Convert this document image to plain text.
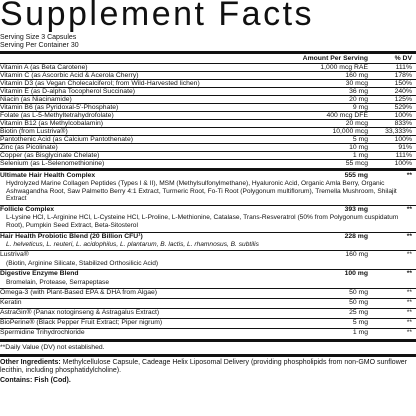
Supplement Facts
Serving Size 3 Capsules
Serving Per Container 30
Amount Per Serving	% DV
Vitamin A (as Beta Carotene)	1,000 mcg RAE	111%
Vitamin C (as Ascorbic Acid & Acerola Cherry)	160 mg	178%
Vitamin D3 (as Vegan Cholecalciferol; from Wild-Harvested lichen)	30 mcg	150%
Vitamin E (as D-alpha Tocopherol Succinate)	36 mg	240%
Niacin (as Niacinamide)	20 mg	125%
Vitamin B6 (as Pyridoxal-5'-Phosphate)	9 mg	529%
Folate (as L-5-Methyltetrahydrofolate)	400 mcg DFE	100%
Vitamin B12 (as Methylcobalamin)	20 mcg	833%
Biotin (from Lustriva®)	10,000 mcg	33,333%
Pantothenic Acid (as Calcium Pantothenate)	5 mg	100%
Zinc (as Picolinate)	10 mg	91%
Copper (as Bisglycinate Chelate)	1 mg	111%
Selenium (as L-Selenomethionine)	55 mcg	100%
Ultimate Hair Health Complex	555 mg	**
Hydrolyzed Marine Collagen Peptides (Types I & II), MSM (Methylsulfonylmethane), Hyaluronic Acid, Organic Amla Berry, Organic Ashwagandha Root, Saw Palmetto Berry 4:1 Extract, Turmeric Root, Fo-Ti Root (Polygonum multiflorum), Tremella Mushroom, Shilajit Extract
Follicle Complex	393 mg	**
L-Lysine HCl, L-Arginine HCl, L-Cysteine HCl, L-Proline, L-Methionine, Catalase, Trans-Resveratrol (50% from Polygonum cuspidatum Root), Pumpkin Seed Extract, Beta-Sitosterol
Hair Health Probiotic Blend (20 Billion CFU¹)	228 mg	**
L. helveticus, L. reuteri, L. acidophilus, L. plantarum, B. lactis, L. rhamnosus, B. subtilis
Lustriva®	160 mg	**
(Biotin, Arginine Silicate, Stabilized Orthosilicic Acid)
Digestive Enzyme Blend	100 mg	**
Bromelain, Protease, Serrapeptase
Omega-3 (with Plant-Based EPA & DHA from Algae)	50 mg	**
Keratin	50 mg	**
AstraGin® (Panax notoginseng & Astragalus Extract)	25 mg	**
BioPerine® (Black Pepper Fruit Extract; Piper nigrum)	5 mg	**
Spermidine Trihydrochloride	1 mg	**
**Daily Value (DV) not established.
Other Ingredients: Methylcellulose Capsule, Cadeage Helix Liposomal Delivery (providing phospholipids from non-GMO sunflower lecithin, including phosphatidylcholine).
Contains: Fish (Cod).
